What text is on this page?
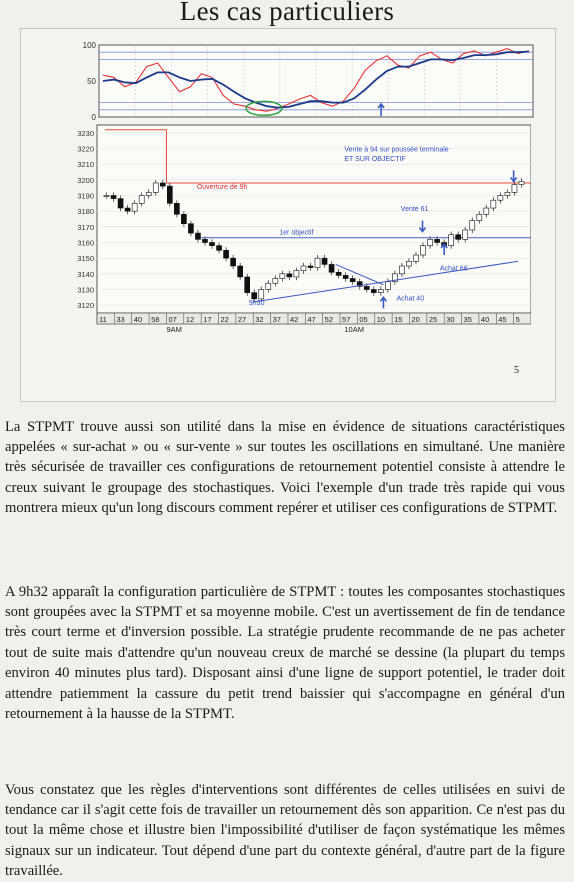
Les cas particuliers
100
50
0
3230
3220
3210
3200
3190
3180
3170
3160
3150
3140
3130
3120
11 33 40 58 07 12 17 22 27 32 37 42 47 52 57 05 10 15 20 25 30 35 40 45 5
9AM	10AM
Vente à 94 sur poussée terminale
ET SUR OBJECTIF
Ouverture de 9h
1er objectif
Vente 61
Achat 66
Achat 40
9h30
5

La STPMT trouve aussi son utilité dans la mise en évidence de situations caractéristiques appelées « sur-achat » ou « sur-vente » sur toutes les oscillations en simultané. Une manière très sécurisée de travailler ces configurations de retournement potentiel consiste à attendre le creux suivant le groupage des stochastiques. Voici l'exemple d'un trade très rapide qui vous montrera mieux qu'un long discours comment repérer et utiliser ces configurations de STPMT.

A 9h32 apparaît la configuration particulière de STPMT : toutes les composantes stochastiques sont groupées avec la STPMT et sa moyenne mobile. C'est un avertissement de fin de tendance très court terme et d'inversion possible. La stratégie prudente recommande de ne pas acheter tout de suite mais d'attendre qu'un nouveau creux de marché se dessine (la plupart du temps environ 40 minutes plus tard). Disposant ainsi d'une ligne de support potentiel, le trader doit attendre patiemment la cassure du petit trend baissier qui s'accompagne en général d'un retournement à la hausse de la STPMT.

Vous constatez que les règles d'interventions sont différentes de celles utilisées en suivi de tendance car il s'agit cette fois de travailler un retournement dès son apparition. Ce n'est pas du tout la même chose et illustre bien l'impossibilité d'utiliser de façon systématique les mêmes signaux sur un indicateur. Tout dépend d'une part du contexte général, d'autre part de la figure travaillée.
